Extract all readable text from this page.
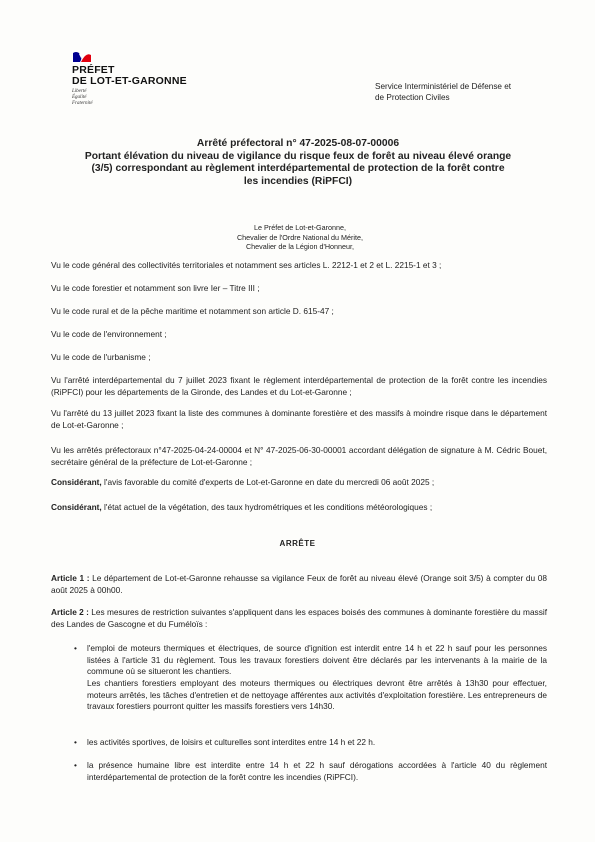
PRÉFET
DE LOT-ET-GARONNE
Liberté
Égalité
Fraternité
Service Interministériel de Défense et
de Protection Civiles
Arrêté préfectoral n° 47-2025-08-07-00006
Portant élévation du niveau de vigilance du risque feux de forêt au niveau élevé orange
(3/5) correspondant au règlement interdépartemental de protection de la forêt contre
les incendies (RiPFCI)
Le Préfet de Lot-et-Garonne,
Chevalier de l'Ordre National du Mérite,
Chevalier de la Légion d'Honneur,
Vu le code général des collectivités territoriales et notamment ses articles L. 2212-1 et 2 et L. 2215-1 et 3 ;
Vu le code forestier et notamment son livre Ier – Titre III ;
Vu le code rural et de la pêche maritime et notamment son article D. 615-47 ;
Vu le code de l'environnement ;
Vu le code de l'urbanisme ;
Vu l'arrêté interdépartemental du 7 juillet 2023 fixant le règlement interdépartemental de protection de la forêt contre les incendies (RiPFCI) pour les départements de la Gironde, des Landes et du Lot-et-Garonne ;
Vu l'arrêté du 13 juillet 2023 fixant la liste des communes à dominante forestière et des massifs à moindre risque dans le département de Lot-et-Garonne ;
Vu les arrêtés préfectoraux n°47-2025-04-24-00004 et N° 47-2025-06-30-00001 accordant délégation de signature à M. Cédric Bouet, secrétaire général de la préfecture de Lot-et-Garonne ;
Considérant, l'avis favorable du comité d'experts de Lot-et-Garonne en date du mercredi 06 août 2025 ;
Considérant, l'état actuel de la végétation, des taux hydrométriques et les conditions météorologiques ;
ARRÊTE
Article 1 : Le département de Lot-et-Garonne rehausse sa vigilance Feux de forêt au niveau élevé (Orange soit 3/5) à compter du 08 août 2025 à 00h00.
Article 2 : Les mesures de restriction suivantes s'appliquent dans les espaces boisés des communes à dominante forestière du massif des Landes de Gascogne et du Fuméloïs :
•	l'emploi de moteurs thermiques et électriques, de source d'ignition est interdit entre 14 h et 22 h sauf pour les personnes listées à l'article 31 du règlement. Tous les travaux forestiers doivent être déclarés par les intervenants à la mairie de la commune où se situeront les chantiers.
Les chantiers forestiers employant des moteurs thermiques ou électriques devront être arrêtés à 13h30 pour effectuer, moteurs arrêtés, les tâches d'entretien et de nettoyage afférentes aux activités d'exploitation forestière. Les entrepreneurs de travaux forestiers pourront quitter les massifs forestiers vers 14h30.
•	les activités sportives, de loisirs et culturelles sont interdites entre 14 h et 22 h.
•	la présence humaine libre est interdite entre 14 h et 22 h sauf dérogations accordées à l'article 40 du règlement interdépartemental de protection de la forêt contre les incendies (RiPFCI).
